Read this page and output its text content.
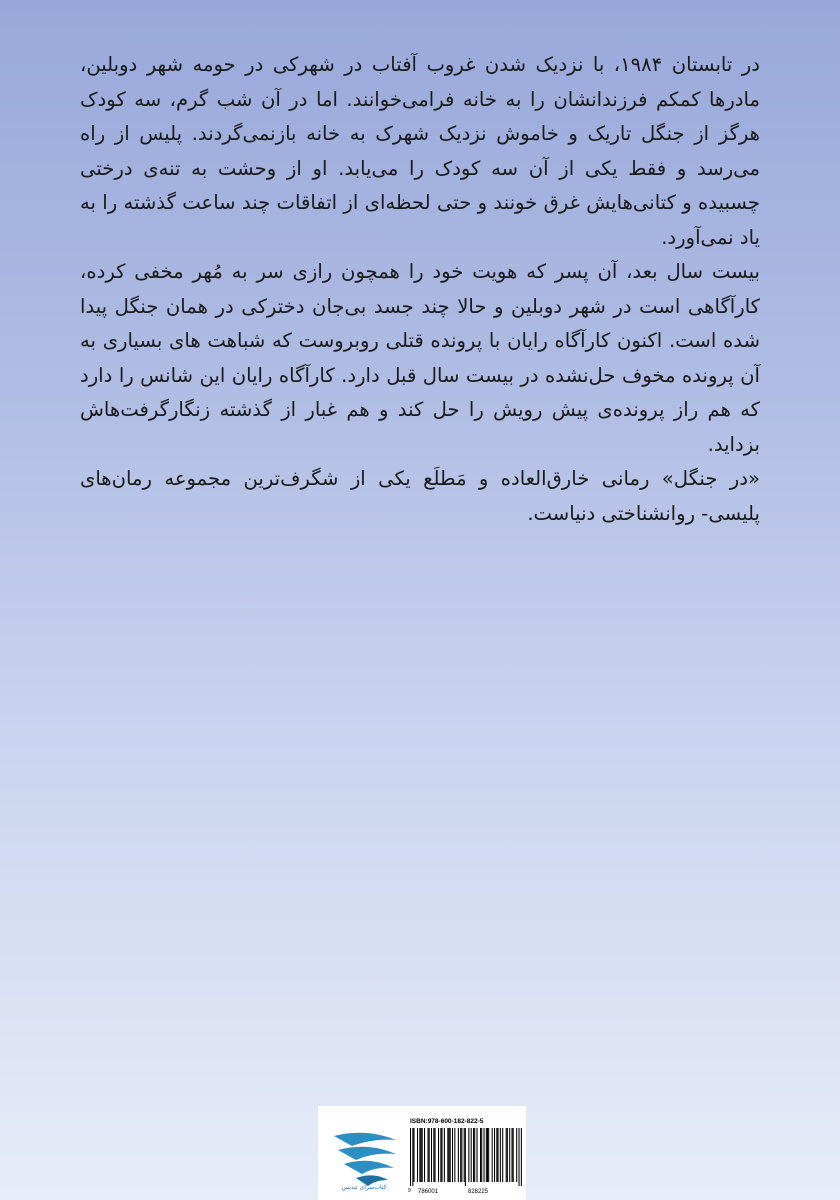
در تابستان ۱۹۸۴، با نزدیک شدن غروب آفتاب در شهرکی در حومه شهر دوبلین، مادرها کمکم فرزندانشان را به خانه فرامی‌خوانند. اما در آن شب گرم، سه کودک هرگز از جنگل تاریک و خاموش نزدیک شهرک به خانه بازنمی‌گردند. پلیس از راه می‌رسد و فقط یکی از آن سه کودک را می‌یابد. او از وحشت به تنه‌ی درختی چسبیده و کتانی‌هایش غرق خونند و حتی لحظه‌ای از اتفاقات چند ساعت گذشته را به یاد نمی‌آورد.

بیست سال بعد، آن پسر که هویت خود را همچون رازی سر به مُهر مخفی کرده، کارآگاهی است در شهر دوبلین و حالا چند جسد بی‌جان دخترکی در همان جنگل پیدا شده است. اکنون کارآگاه رایان با پرونده قتلی روبروست که شباهت های بسیاری به آن پرونده مخوف حل‌نشده در بیست سال قبل دارد. کارآگاه رایان این شانس را دارد که هم راز پرونده‌ی پیش رویش را حل کند و هم غبار از گذشته زنگارگرفت‌هاش بزداید.

«در جنگل» رمانی خارق‌العاده و مَطلَع یکی از شگرف‌ترین مجموعه رمان‌های پلیسی- روانشناختی دنیاست.

کتاب‌سرای تندیس
ISBN:978-600-182-822-5
9 786001	828225
